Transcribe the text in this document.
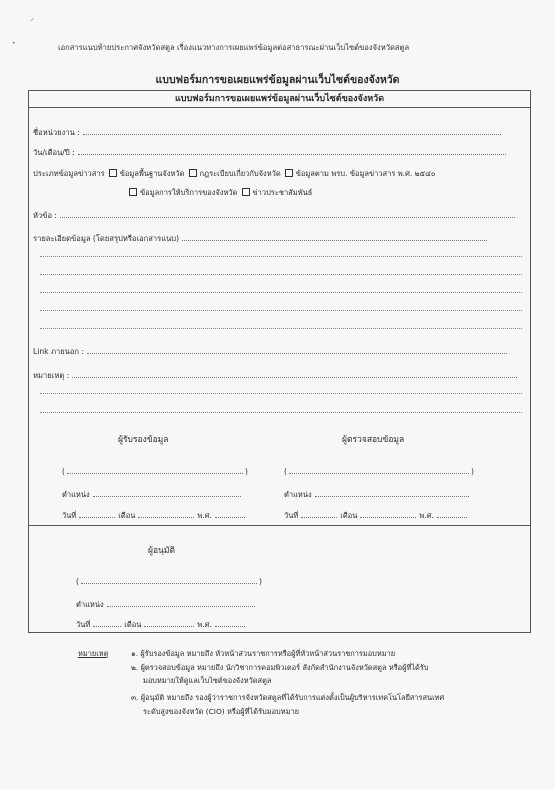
⸍
•	เอกสารแนบท้ายประกาศจังหวัดสตูล เรื่องแนวทางการเผยแพร่ข้อมูลต่อสาธารณะผ่านเว็บไซต์ของจังหวัดสตูล
แบบฟอร์มการขอเผยแพร่ข้อมูลผ่านเว็บไซต์ของจังหวัด
แบบฟอร์มการขอเผยแพร่ข้อมูลผ่านเว็บไซต์ของจังหวัด
ชื่อหน่วยงาน :
วัน/เดือน/ปี :
ประเภทข้อมูลข่าวสาร	ข้อมูลพื้นฐานจังหวัด	กฎระเบียบเกี่ยวกับจังหวัด	ข้อมูลตาม พรบ. ข้อมูลข่าวสาร พ.ศ. ๒๕๔๐
ข้อมูลการให้บริการของจังหวัด	ข่าวประชาสัมพันธ์
หัวข้อ :
รายละเอียดข้อมูล (โดยสรุปหรือเอกสารแนบ)
Link ภายนอก :
หมายเหตุ :
ผู้รับรองข้อมูล	ผู้ตรวจสอบข้อมูล
(	)	(	)
ตำแหน่ง	ตำแหน่ง
วันที่	เดือน	พ.ศ.	วันที่	เดือน	พ.ศ.
ผู้อนุมัติ
(	)
ตำแหน่ง
วันที่	เดือน	พ.ศ.
หมายเหตุ	๑. ผู้รับรองข้อมูล หมายถึง หัวหน้าส่วนราชการหรือผู้ที่หัวหน้าส่วนราชการมอบหมาย
๒. ผู้ตรวจสอบข้อมูล หมายถึง นักวิชาการคอมพิวเตอร์ สังกัดสำนักงานจังหวัดสตูล หรือผู้ที่ได้รับ
มอบหมายให้ดูแลเว็บไซต์ของจังหวัดสตูล
๓. ผู้อนุมัติ หมายถึง รองผู้ว่าราชการจังหวัดสตูลที่ได้รับการแต่งตั้งเป็นผู้บริหารเทคโนโลยีสารสนเทศ
ระดับสูงของจังหวัด (CIO) หรือผู้ที่ได้รับมอบหมาย
